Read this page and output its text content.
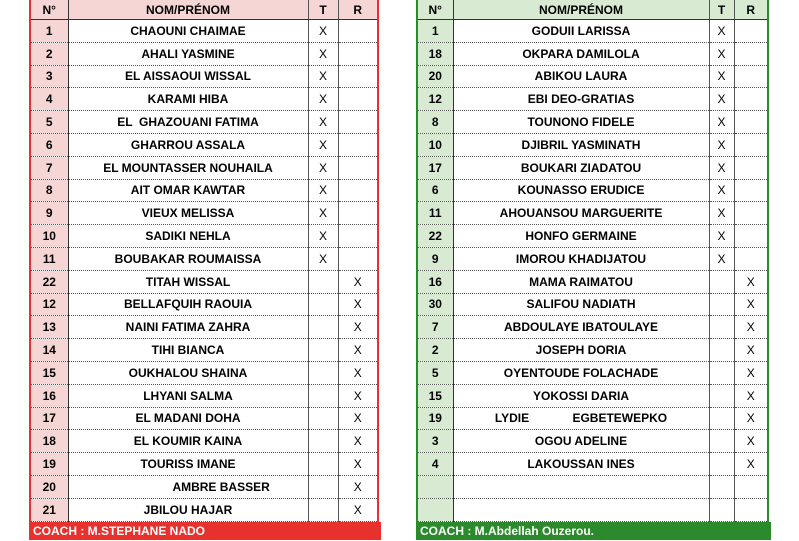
N°	NOM/PRÉNOM	T	R
1	CHAOUNI CHAIMAE	X	
2	AHALI YASMINE	X	
3	EL AISSAOUI WISSAL	X	
4	KARAMI HIBA	X	
5	EL  GHAZOUANI FATIMA	X	
6	GHARROU ASSALA	X	
7	EL MOUNTASSER NOUHAILA	X	
8	AIT OMAR KAWTAR	X	
9	VIEUX MELISSA	X	
10	SADIKI NEHLA	X	
11	BOUBAKAR ROUMAISSA	X	
22	TITAH WISSAL		X
12	BELLAFQUIH RAOUIA		X
13	NAINI FATIMA ZAHRA		X
14	TIHI BIANCA		X
15	OUKHALOU SHAINA		X
16	LHYANI SALMA		X
17	EL MADANI DOHA		X
18	EL KOUMIR KAINA		X
19	TOURISS IMANE		X
20	AMBRE BASSER		X
21	JBILOU HAJAR		X
COACH : M.STEPHANE NADO
N°	NOM/PRÉNOM	T	R
1	GODUII LARISSA	X	
18	OKPARA DAMILOLA	X	
20	ABIKOU LAURA	X	
12	EBI DEO-GRATIAS	X	
8	TOUNONO FIDELE	X	
10	DJIBRIL YASMINATH	X	
17	BOUKARI ZIADATOU	X	
6	KOUNASSO ERUDICE	X	
11	AHOUANSOU MARGUERITE	X	
22	HONFO GERMAINE	X	
9	IMOROU KHADIJATOU	X	
16	MAMA RAIMATOU		X
30	SALIFOU NADIATH		X
7	ABDOULAYE IBATOULAYE		X
2	JOSEPH DORIA		X
5	OYENTOUDE FOLACHADE		X
15	YOKOSSI DARIA		X
19	LYDIE             EGBETEWEPKO		X
3	OGOU ADELINE		X
4	LAKOUSSAN INES		X

COACH : M.Abdellah Ouzerou.
